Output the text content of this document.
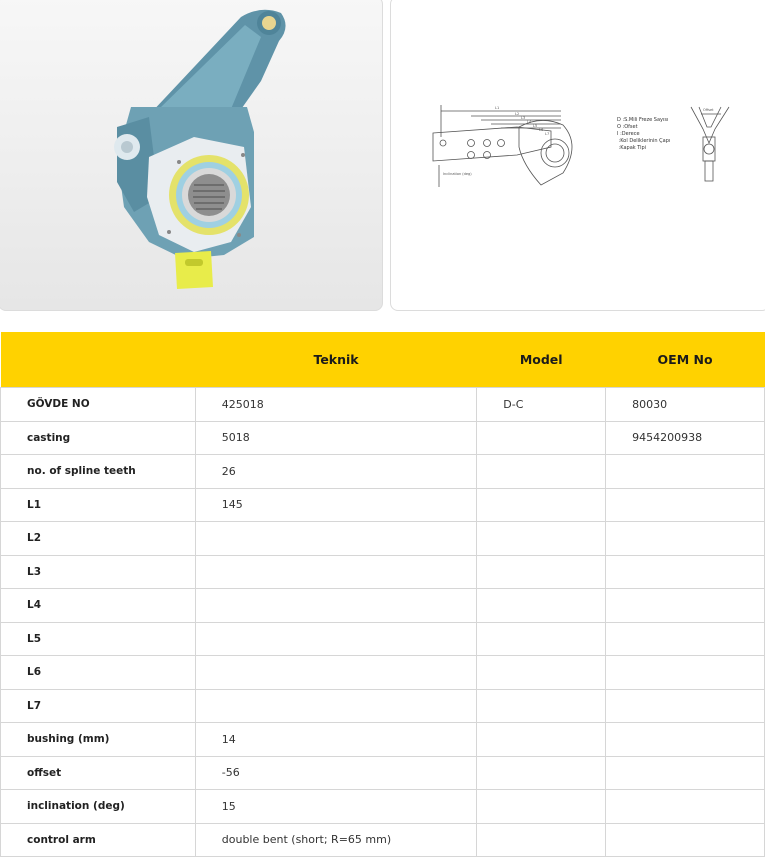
L1
L2
L3
L4
L5
L6
L7
Inclination (deg)
Offset
D :S.Mili Freze Sayısı
O :Ofset
I :Derece
:Kol Deliklerinin Çapı
:Kapak Tipi
	Teknik	Model	OEM No
GÖVDE NO	425018	D-C	80030
casting	5018		9454200938
no. of spline teeth	26		
L1	145		
L2			
L3			
L4			
L5			
L6			
L7			
bushing (mm)	14		
offset	-56		
inclination (deg)	15		
control arm	double bent (short; R=65 mm)		
